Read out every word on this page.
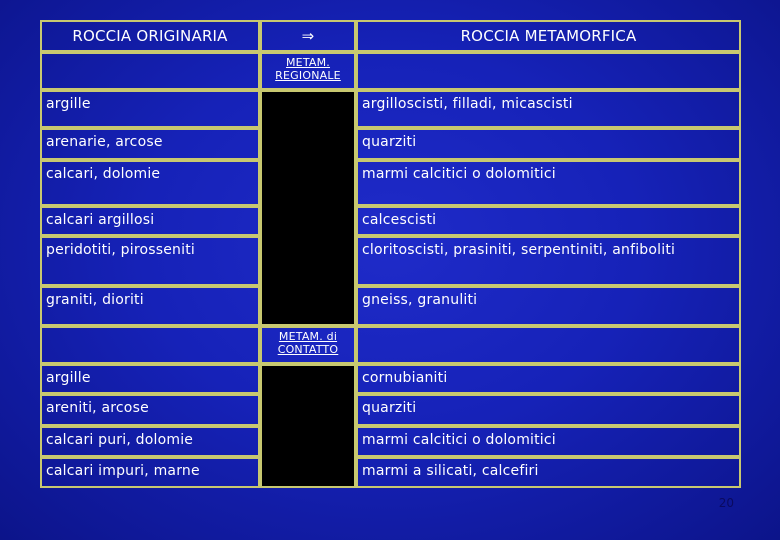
ROCCIA ORIGINARIA	⇒	ROCCIA METAMORFICA
METAM.
REGIONALE
argille	argilloscisti, filladi, micascisti
arenarie, arcose	quarziti
calcari, dolomie	marmi calcitici o dolomitici
calcari argillosi	calcescisti
peridotiti, pirosseniti	cloritoscisti, prasiniti, serpentiniti, anfiboliti
graniti, dioriti	gneiss, granuliti
METAM. di
CONTATTO
argille	cornubianiti
areniti, arcose	quarziti
calcari puri, dolomie	marmi calcitici o dolomitici
calcari impuri, marne	marmi a silicati, calcefiri
20
